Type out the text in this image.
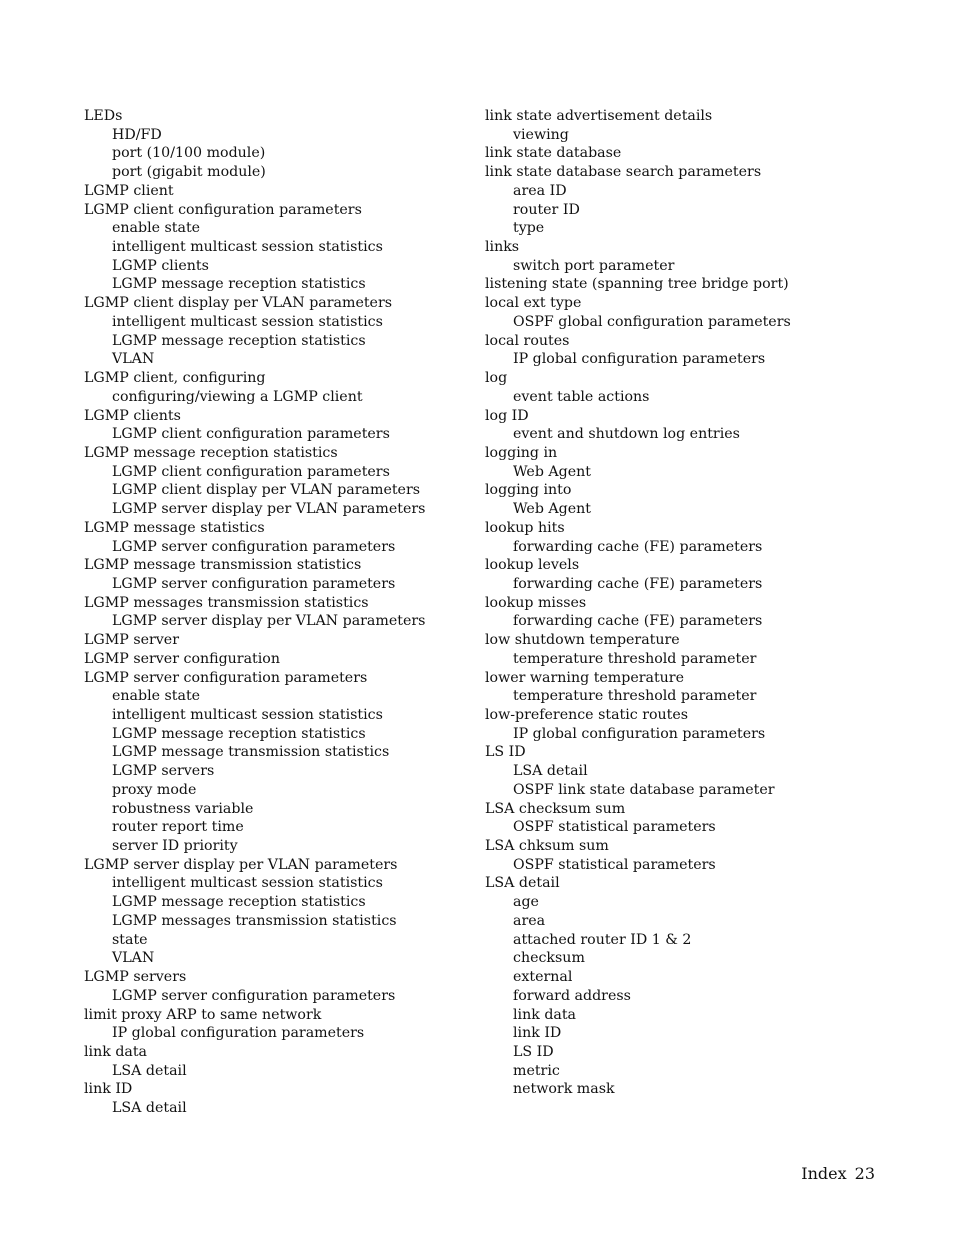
LEDs
HD/FD
port (10/100 module)
port (gigabit module)
LGMP client
LGMP client configuration parameters
enable state
intelligent multicast session statistics
LGMP clients
LGMP message reception statistics
LGMP client display per VLAN parameters
intelligent multicast session statistics
LGMP message reception statistics
VLAN
LGMP client, configuring
configuring/viewing a LGMP client
LGMP clients
LGMP client configuration parameters
LGMP message reception statistics
LGMP client configuration parameters
LGMP client display per VLAN parameters
LGMP server display per VLAN parameters
LGMP message statistics
LGMP server configuration parameters
LGMP message transmission statistics
LGMP server configuration parameters
LGMP messages transmission statistics
LGMP server display per VLAN parameters
LGMP server
LGMP server configuration
LGMP server configuration parameters
enable state
intelligent multicast session statistics
LGMP message reception statistics
LGMP message transmission statistics
LGMP servers
proxy mode
robustness variable
router report time
server ID priority
LGMP server display per VLAN parameters
intelligent multicast session statistics
LGMP message reception statistics
LGMP messages transmission statistics
state
VLAN
LGMP servers
LGMP server configuration parameters
limit proxy ARP to same network
IP global configuration parameters
link data
LSA detail
link ID
LSA detail
link state advertisement details
viewing
link state database
link state database search parameters
area ID
router ID
type
links
switch port parameter
listening state (spanning tree bridge port)
local ext type
OSPF global configuration parameters
local routes
IP global configuration parameters
log
event table actions
log ID
event and shutdown log entries
logging in
Web Agent
logging into
Web Agent
lookup hits
forwarding cache (FE) parameters
lookup levels
forwarding cache (FE) parameters
lookup misses
forwarding cache (FE) parameters
low shutdown temperature
temperature threshold parameter
lower warning temperature
temperature threshold parameter
low-preference static routes
IP global configuration parameters
LS ID
LSA detail
OSPF link state database parameter
LSA checksum sum
OSPF statistical parameters
LSA chksum sum
OSPF statistical parameters
LSA detail
age
area
attached router ID 1 & 2
checksum
external
forward address
link data
link ID
LS ID
metric
network mask
Index 23
